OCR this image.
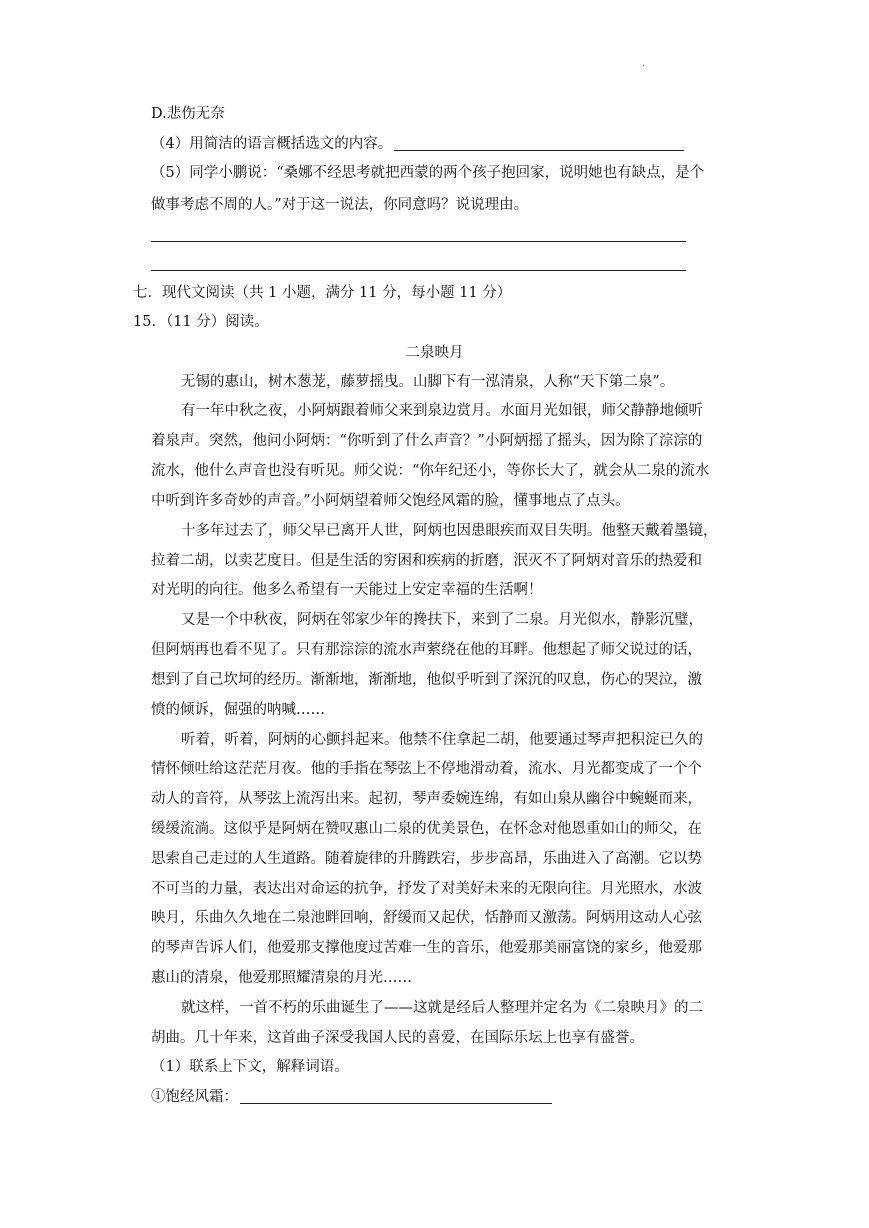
.
D.悲伤无奈
（4）用简洁的语言概括选文的内容。
（5）同学小鹏说：“桑娜不经思考就把西蒙的两个孩子抱回家，说明她也有缺点，是个
做事考虑不周的人。”对于这一说法，你同意吗？说说理由。
七．现代文阅读（共 1 小题，满分 11 分，每小题 11 分）
15．（11 分）阅读。
二泉映月
无锡的惠山，树木葱茏，藤萝摇曳。山脚下有一泓清泉，人称“天下第二泉”。
有一年中秋之夜，小阿炳跟着师父来到泉边赏月。水面月光如银，师父静静地倾听
着泉声。突然，他问小阿炳：“你听到了什么声音？”小阿炳摇了摇头，因为除了淙淙的
流水，他什么声音也没有听见。师父说：“你年纪还小，等你长大了，就会从二泉的流水
中听到许多奇妙的声音。”小阿炳望着师父饱经风霜的脸，懂事地点了点头。
十多年过去了，师父早已离开人世，阿炳也因患眼疾而双目失明。他整天戴着墨镜，
拉着二胡，以卖艺度日。但是生活的穷困和疾病的折磨，泯灭不了阿炳对音乐的热爱和
对光明的向往。他多么希望有一天能过上安定幸福的生活啊！
又是一个中秋夜，阿炳在邻家少年的搀扶下，来到了二泉。月光似水，静影沉璧，
但阿炳再也看不见了。只有那淙淙的流水声萦绕在他的耳畔。他想起了师父说过的话，
想到了自己坎坷的经历。渐渐地，渐渐地，他似乎听到了深沉的叹息，伤心的哭泣，激
愤的倾诉，倔强的呐喊……
听着，听着，阿炳的心颤抖起来。他禁不住拿起二胡，他要通过琴声把积淀已久的
情怀倾吐给这茫茫月夜。他的手指在琴弦上不停地滑动着，流水、月光都变成了一个个
动人的音符，从琴弦上流泻出来。起初，琴声委婉连绵，有如山泉从幽谷中蜿蜒而来，
缓缓流淌。这似乎是阿炳在赞叹惠山二泉的优美景色，在怀念对他恩重如山的师父，在
思索自己走过的人生道路。随着旋律的升腾跌宕，步步高昂，乐曲进入了高潮。它以势
不可当的力量，表达出对命运的抗争，抒发了对美好未来的无限向往。月光照水，水波
映月，乐曲久久地在二泉池畔回响，舒缓而又起伏，恬静而又激荡。阿炳用这动人心弦
的琴声告诉人们，他爱那支撑他度过苦难一生的音乐，他爱那美丽富饶的家乡，他爱那
惠山的清泉，他爱那照耀清泉的月光……
就这样，一首不朽的乐曲诞生了——这就是经后人整理并定名为《二泉映月》的二
胡曲。几十年来，这首曲子深受我国人民的喜爱，在国际乐坛上也享有盛誉。
（1）联系上下文，解释词语。
①饱经风霜：
